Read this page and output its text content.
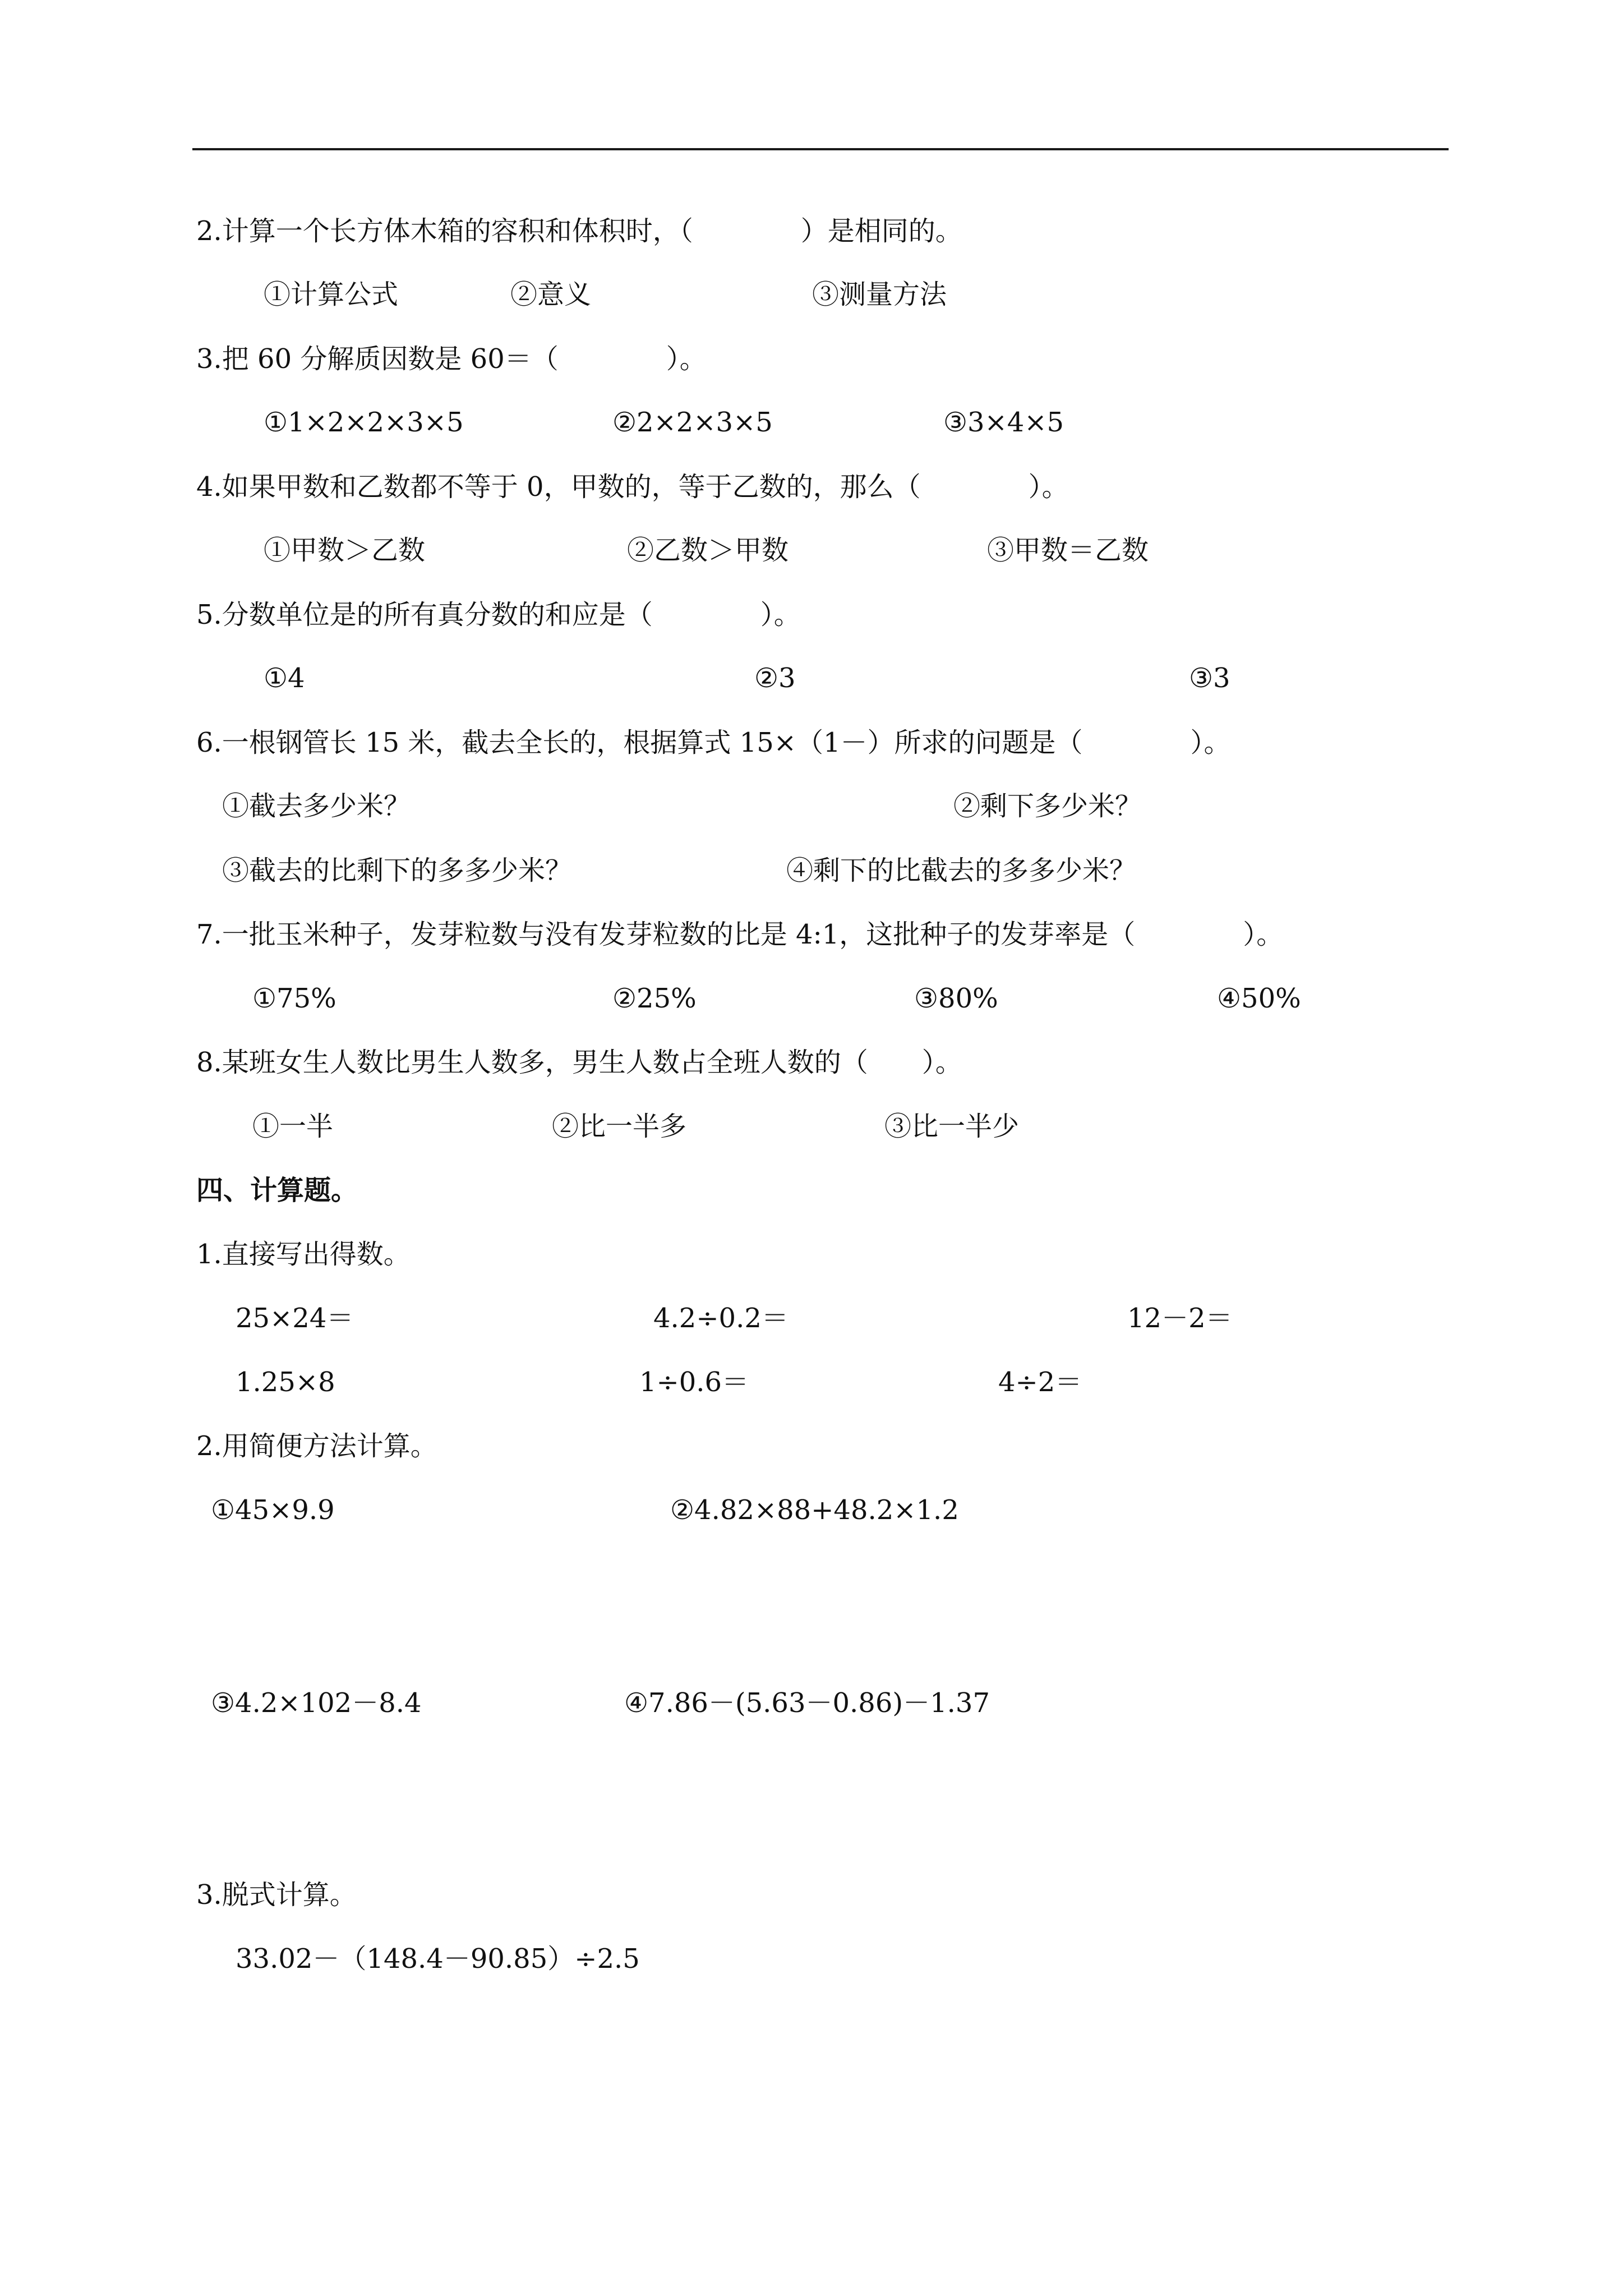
2.计算一个长方体木箱的容积和体积时，（　　　　）是相同的。
①计算公式	②意义	③测量方法
3.把 60 分解质因数是 60＝（　　　　）。
①1×2×2×3×5	②2×2×3×5	③3×4×5
4.如果甲数和乙数都不等于 0，甲数的，等于乙数的，那么（　　　　）。
①甲数＞乙数	②乙数＞甲数	③甲数＝乙数
5.分数单位是的所有真分数的和应是（　　　　）。
①4	②3	③3
6.一根钢管长 15 米，截去全长的，根据算式 15×（1－）所求的问题是（　　　　）。
①截去多少米？	②剩下多少米？
③截去的比剩下的多多少米？	④剩下的比截去的多多少米？
7.一批玉米种子，发芽粒数与没有发芽粒数的比是 4:1，这批种子的发芽率是（　　　　）。
①75%	②25%	③80%	④50%
8.某班女生人数比男生人数多，男生人数占全班人数的（　　）。
①一半	②比一半多	③比一半少
四、计算题。
1.直接写出得数。
25×24＝	4.2÷0.2＝	12－2＝
1.25×8	1÷0.6＝	4÷2＝
2.用简便方法计算。
①45×9.9	②4.82×88+48.2×1.2
③4.2×102－8.4	④7.86－(5.63－0.86)－1.37
3.脱式计算。
33.02－（148.4－90.85）÷2.5
